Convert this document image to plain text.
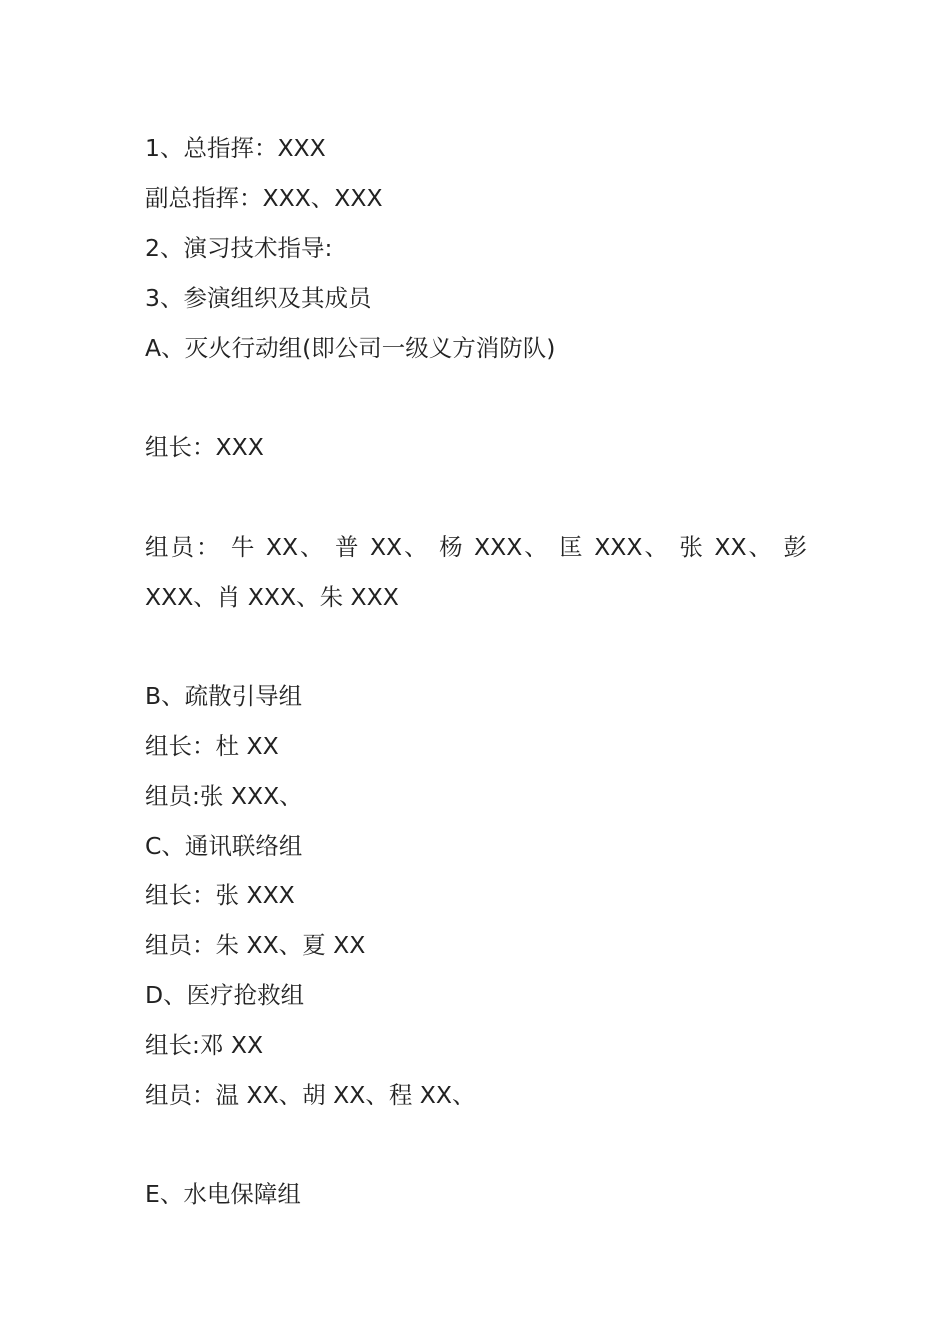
1、总指挥：XXX
副总指挥：XXX、XXX
2、演习技术指导:
3、参演组织及其成员
A、灭火行动组(即公司一级义方消防队)
组长：XXX
组员： 牛 XX、 普 XX、 杨 XXX、 匡 XXX、 张 XX、 彭
XXX、肖 XXX、朱 XXX
B、疏散引导组
组长：杜 XX
组员:张 XXX、
C、通讯联络组
组长：张 XXX
组员：朱 XX、夏 XX
D、医疗抢救组
组长:邓 XX
组员：温 XX、胡 XX、程 XX、
E、水电保障组
